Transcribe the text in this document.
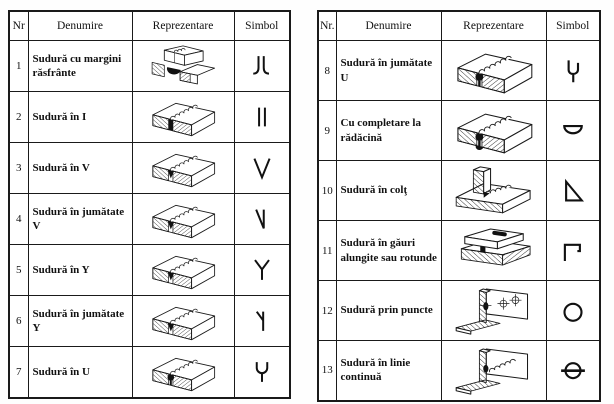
Nr	Denumire	Reprezentare	Simbol
1	Sudură cu margini răsfrânte		
2	Sudură în I		
3	Sudură în V		
4	Sudură în jumătate V		
5	Sudură în Y		
6	Sudură în jumătate Y		
7	Sudură în U		
Nr.	Denumire	Reprezentare	Simbol
8	Sudură în jumătate U		
9	Cu completare la rădăcină		
10	Sudură în colţ		
11	Sudură în găuri alungite sau rotunde		
12	Sudură prin puncte		
13	Sudură în linie continuă		
